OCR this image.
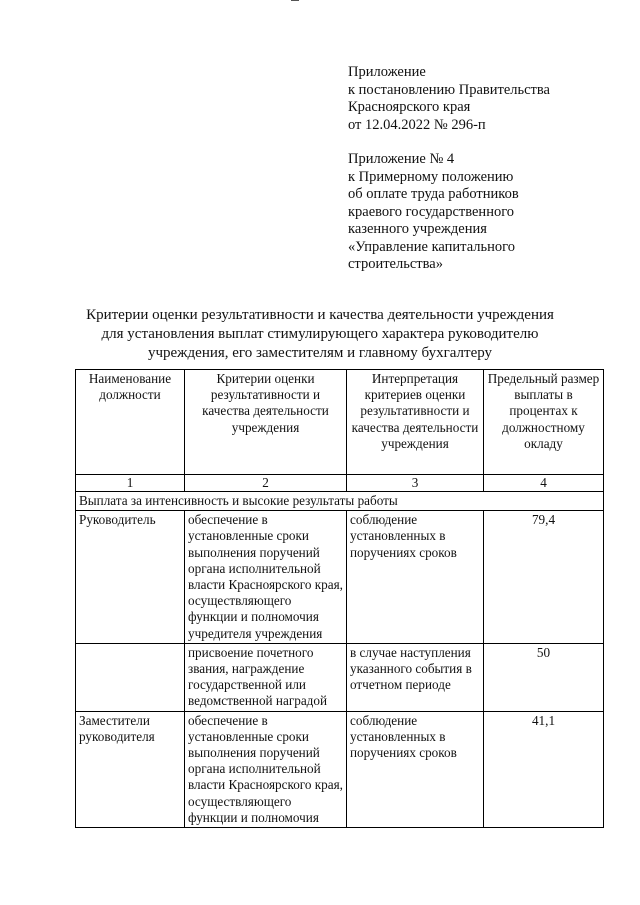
Приложение
к постановлению Правительства
Красноярского края
от 12.04.2022 № 296-п
Приложение № 4
к Примерному положению
об оплате труда работников
краевого государственного
казенного учреждения
«Управление капитального
строительства»
Критерии оценки результативности и качества деятельности учреждения
для установления выплат стимулирующего характера руководителю
учреждения, его заместителям и главному бухгалтеру
Наименование должности	Критерии оценки результативности и качества деятельности учреждения	Интерпретация критериев оценки результативности и качества деятельности учреждения	Предельный размер выплаты в процентах к должностному окладу
1	2	3	4
Выплата за интенсивность и высокие результаты работы			
Руководитель	обеспечение в установленные сроки выполнения поручений органа исполнительной власти Красноярского края, осуществляющего функции и полномочия учредителя учреждения	соблюдение установленных в поручениях сроков	79,4
	присвоение почетного звания, награждение государственной или ведомственной наградой	в случае наступления указанного события в отчетном периоде	50
Заместители руководителя	обеспечение в установленные сроки выполнения поручений органа исполнительной власти Красноярского края, осуществляющего функции и полномочия	соблюдение установленных в поручениях сроков	41,1
